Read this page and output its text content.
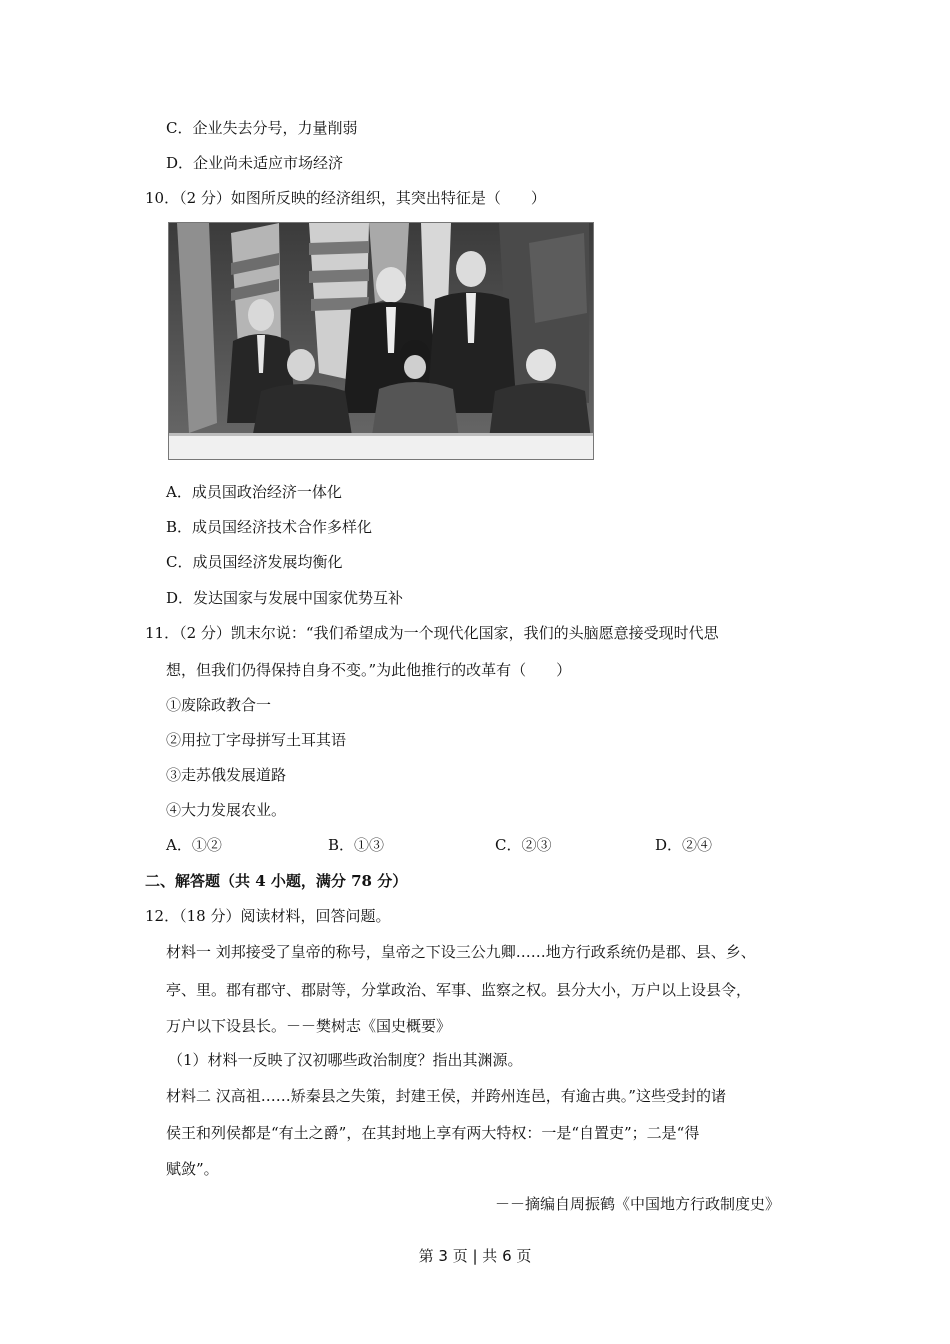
C．企业失去分号，力量削弱
D．企业尚未适应市场经济
10．（2 分）如图所反映的经济组织，其突出特征是（　　）
A．成员国政治经济一体化
B．成员国经济技术合作多样化
C．成员国经济发展均衡化
D．发达国家与发展中国家优势互补
11．（2 分）凯末尔说：“我们希望成为一个现代化国家，我们的头脑愿意接受现时代思
想，但我们仍得保持自身不变。”为此他推行的改革有（　　）
①废除政教合一
②用拉丁字母拼写土耳其语
③走苏俄发展道路
④大力发展农业。
A．①②	B．①③	C．②③	D．②④
二、解答题（共 4 小题，满分 78 分）
12．（18 分）阅读材料，回答问题。
材料一 刘邦接受了皇帝的称号，皇帝之下设三公九卿……地方行政系统仍是郡、县、乡、
亭、里。郡有郡守、郡尉等，分掌政治、军事、监察之权。县分大小，万户以上设县令，
万户以下设县长。－－樊树志《国史概要》
（1）材料一反映了汉初哪些政治制度？指出其渊源。
材料二 汉高祖……矫秦县之失策，封建王侯，并跨州连邑，有逾古典。”这些受封的诸
侯王和列侯都是“有土之爵”，在其封地上享有两大特权：一是“自置吏”；二是“得
赋敛”。
－－摘编自周振鹤《中国地方行政制度史》
第 3 页 | 共 6 页
